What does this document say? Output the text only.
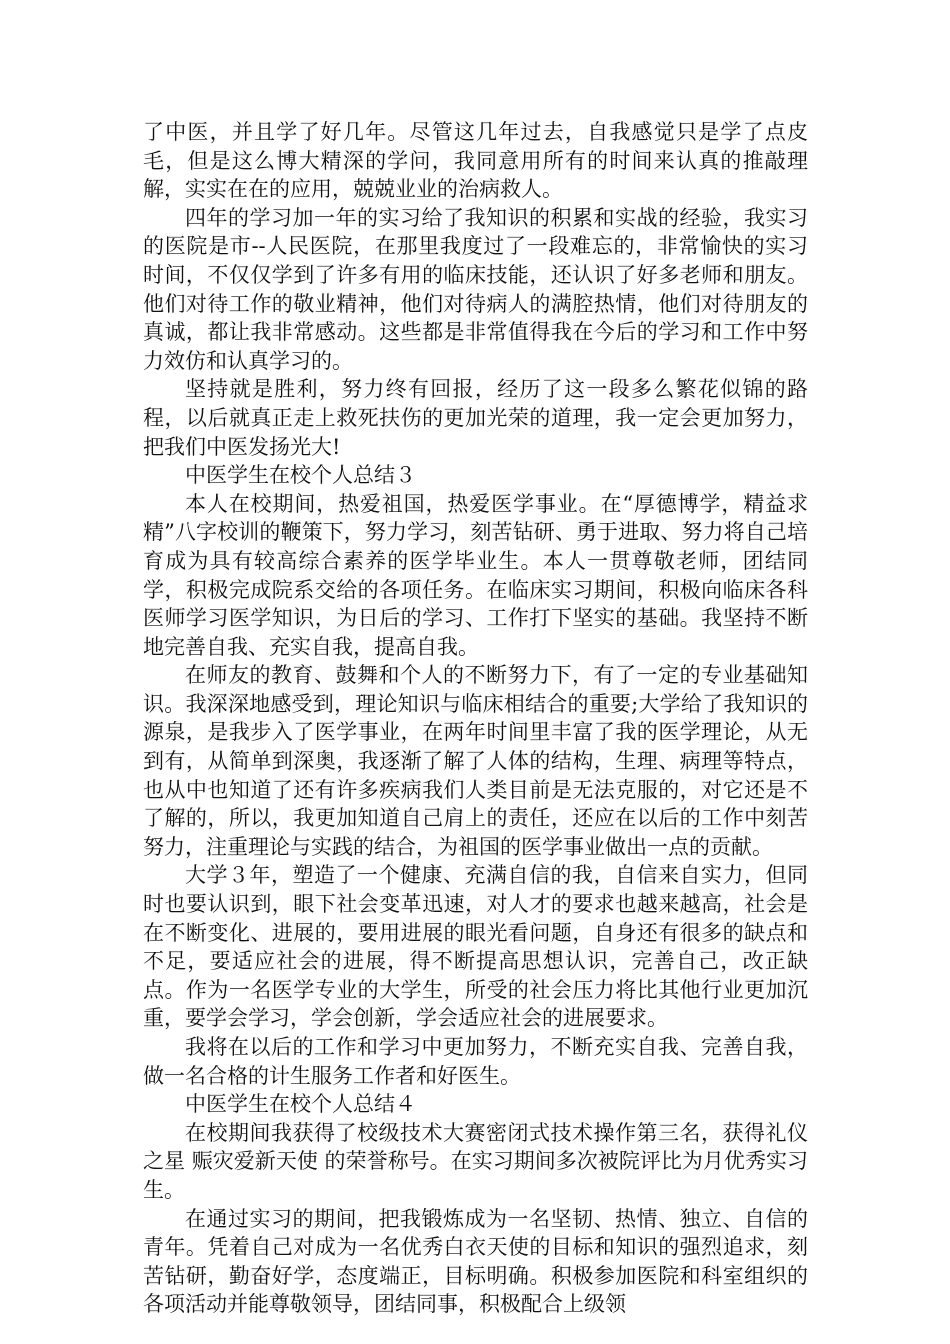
了中医，并且学了好几年。尽管这几年过去，自我感觉只是学了点皮毛，但是这么博大精深的学问，我同意用所有的时间来认真的推敲理解，实实在在的应用，兢兢业业的治病救人。

四年的学习加一年的实习给了我知识的积累和实战的经验，我实习的医院是市--人民医院，在那里我度过了一段难忘的，非常愉快的实习时间，不仅仅学到了许多有用的临床技能，还认识了好多老师和朋友。他们对待工作的敬业精神，他们对待病人的满腔热情，他们对待朋友的真诚，都让我非常感动。这些都是非常值得我在今后的学习和工作中努力效仿和认真学习的。

坚持就是胜利，努力终有回报，经历了这一段多么繁花似锦的路程，以后就真正走上救死扶伤的更加光荣的道理，我一定会更加努力，把我们中医发扬光大!

中医学生在校个人总结３

本人在校期间，热爱祖国，热爱医学事业。在“厚德博学，精益求精”八字校训的鞭策下，努力学习，刻苦钻研、勇于进取、努力将自己培育成为具有较高综合素养的医学毕业生。本人一贯尊敬老师，团结同学，积极完成院系交给的各项任务。在临床实习期间，积极向临床各科医师学习医学知识，为日后的学习、工作打下坚实的基础。我坚持不断地完善自我、充实自我，提高自我。

在师友的教育、鼓舞和个人的不断努力下，有了一定的专业基础知识。我深深地感受到，理论知识与临床相结合的重要;大学给了我知识的源泉，是我步入了医学事业，在两年时间里丰富了我的医学理论，从无到有，从简单到深奥，我逐渐了解了人体的结构，生理、病理等特点，也从中也知道了还有许多疾病我们人类目前是无法克服的，对它还是不了解的，所以，我更加知道自己肩上的责任，还应在以后的工作中刻苦努力，注重理论与实践的结合，为祖国的医学事业做出一点的贡献。

大学３年，塑造了一个健康、充满自信的我，自信来自实力，但同时也要认识到，眼下社会变革迅速，对人才的要求也越来越高，社会是在不断变化、进展的，要用进展的眼光看问题，自身还有很多的缺点和不足，要适应社会的进展，得不断提高思想认识，完善自己，改正缺点。作为一名医学专业的大学生，所受的社会压力将比其他行业更加沉重，要学会学习，学会创新，学会适应社会的进展要求。

我将在以后的工作和学习中更加努力，不断充实自我、完善自我，做一名合格的计生服务工作者和好医生。

中医学生在校个人总结４

在校期间我获得了校级技术大赛密闭式技术操作第三名，获得礼仪之星 赈灾爱新天使 的荣誉称号。在实习期间多次被院评比为月优秀实习生。

在通过实习的期间，把我锻炼成为一名坚韧、热情、独立、自信的青年。凭着自己对成为一名优秀白衣天使的目标和知识的强烈追求，刻苦钻研，勤奋好学，态度端正，目标明确。积极参加医院和科室组织的各项活动并能尊敬领导，团结同事，积极配合上级领
